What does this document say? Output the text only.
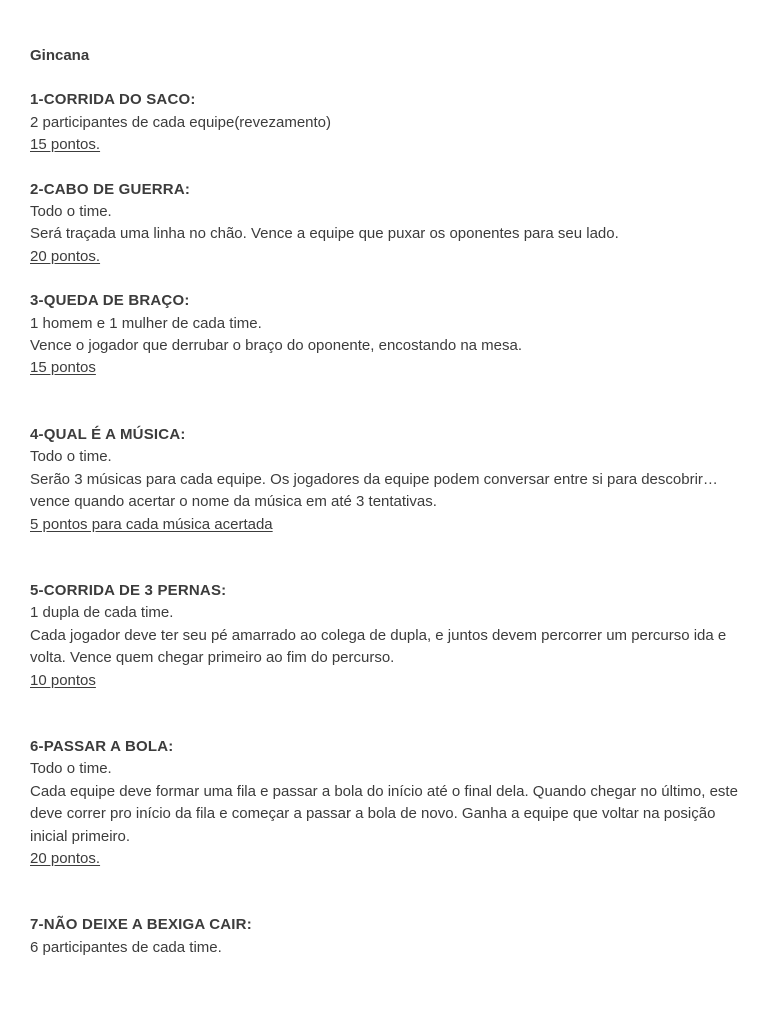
Gincana
1-CORRIDA DO SACO:
2 participantes de cada equipe(revezamento)
15 pontos.
2-CABO DE GUERRA:
Todo o time.
Será traçada uma linha no chão. Vence a equipe que puxar os oponentes para seu lado.
20 pontos.
3-QUEDA DE BRAÇO:
1 homem e 1 mulher de cada time.
Vence o jogador que derrubar o braço do oponente, encostando na mesa.
15 pontos
4-QUAL É A MÚSICA:
Todo o time.
Serão 3 músicas para cada equipe. Os jogadores da equipe podem conversar entre si para descobrir…vence quando acertar o nome da música em até 3 tentativas.
5 pontos para cada música acertada
5-CORRIDA DE 3 PERNAS:
1 dupla de cada time.
Cada jogador deve ter seu pé amarrado ao colega de dupla, e juntos devem percorrer um percurso ida e volta. Vence quem chegar primeiro ao fim do percurso.
10 pontos
6-PASSAR A BOLA:
Todo o time.
Cada equipe deve formar uma fila e passar a bola do início até o final dela. Quando chegar no último, este deve correr pro início da fila e começar a passar a bola de novo. Ganha a equipe que voltar na posição inicial primeiro.
20 pontos.
7-NÃO DEIXE A BEXIGA CAIR:
6 participantes de cada time.
